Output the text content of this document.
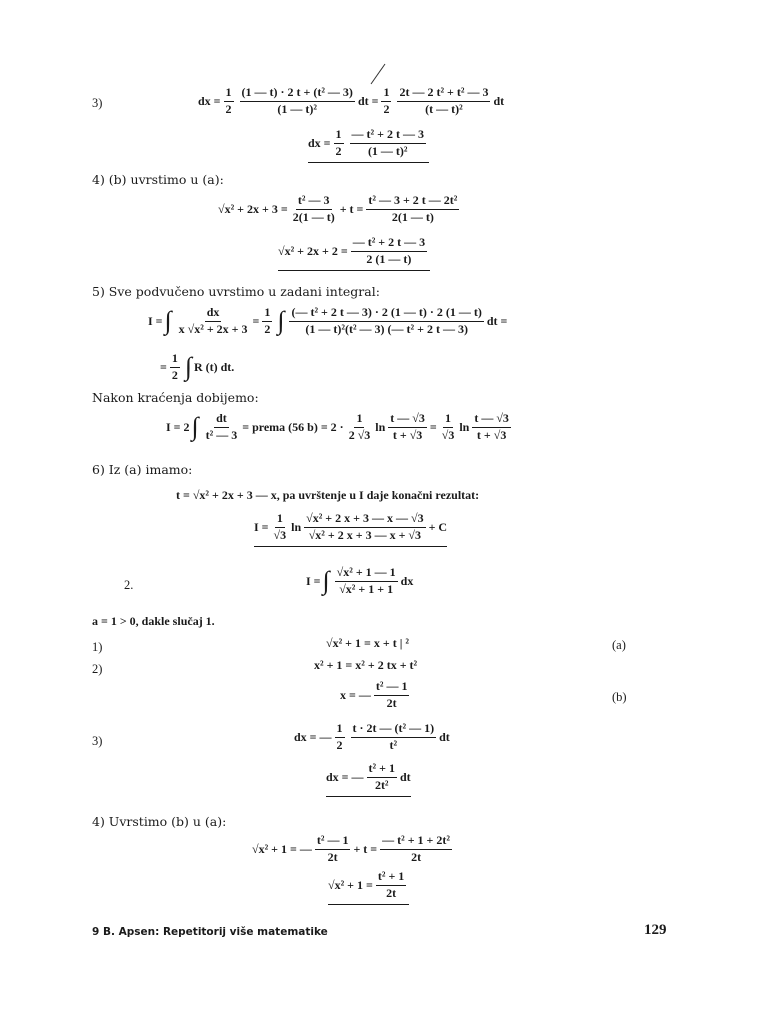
3)	dx = $\frac{1}{2} \frac{\text{(1 — t) · 2 t + (t² — 3)}}{\text{(1 — t)²}}$ dt = $\frac{1}{2} \frac{\text{2t — 2 t² + t² — 3}}{\text{(t — t)²}}$ dt
dx = $\frac{1}{2} \frac{\text{— t² + 2 t — 3}}{\text{(1 — t)²}}$
4) (b) uvrstimo u (a):
$√x^2 + 2x + 3 = \frac{\text{t² — 3}}{2(1 — t)} + t = \frac{\text{t² — 3 + 2 t — 2t²}}{2(1 — t)}$
$√x^2 + 2x + 2 = \frac{\text{— t² + 2 t — 3}}{2 (1 — t)}$
5) Sve podvučeno uvrstimo u zadani integral:
I = ∫ $\frac{dx}{\text{x √x² + 2x + 3}} = \frac{1}{2}$ ∫ $\frac{\text{(— t² + 2 t — 3) · 2 (1 — t) · 2 (1 — t)}}{\text{(1 — t)²(t² — 3) (— t² + 2 t — 3)}}$ dt =
= $\frac{1}{2}$ ∫ R (t) dt.
Nakon kraćenja dobijemo:
I = 2 ∫ $\frac{dt}{\text{t² — 3}}$ = prema (56 $b) = 2 \cdot \frac{1}{2 √3}$ $\ln \frac{t — √3}{t + √3} = \frac{1}{√3}$ $\ln \frac{t — √3}{t + √3}$
6) Iz (a) imamo:
t = √x² + 2x + 3 — x, pa uvrštenje u I daje konačni rezultat:
$I = \frac{1}{√3}$ $\ln \frac{\text{√x² + 2 x + 3 — x — √3}}{\text{√x² + 2 x + 3 — x + √3}} + C$
2.	I = ∫ $\frac{\text{√x² + 1 — 1}}{\text{√x² + 1 + 1}}$ dx
a = 1 > 0, dakle slučaj 1.
1)	√x² + 1 = x + t | ²	(a)
2)	x² + 1 = x² + 2 tx + t²
x = — $\frac{\text{t² — 1}}{2t}$	(b)
3)	dx = — $\frac{1}{2} \frac{\text{t · 2t — (t² — 1)}}{\text{t²}}$ dt
dx = — $\frac{\text{t² + 1}}{\text{2t²}}$ dt
4) Uvrstimo (b) u (a):
√x² + 1 = — $\frac{\text{t² — 1}}{2t} + t = \frac{\text{— t² + 1 + 2t²}}{2t}$
$√x^2 + 1 = \frac{\text{t² + 1}}{2t}$
9 B. Apsen: Repetitorij više matematike	129
